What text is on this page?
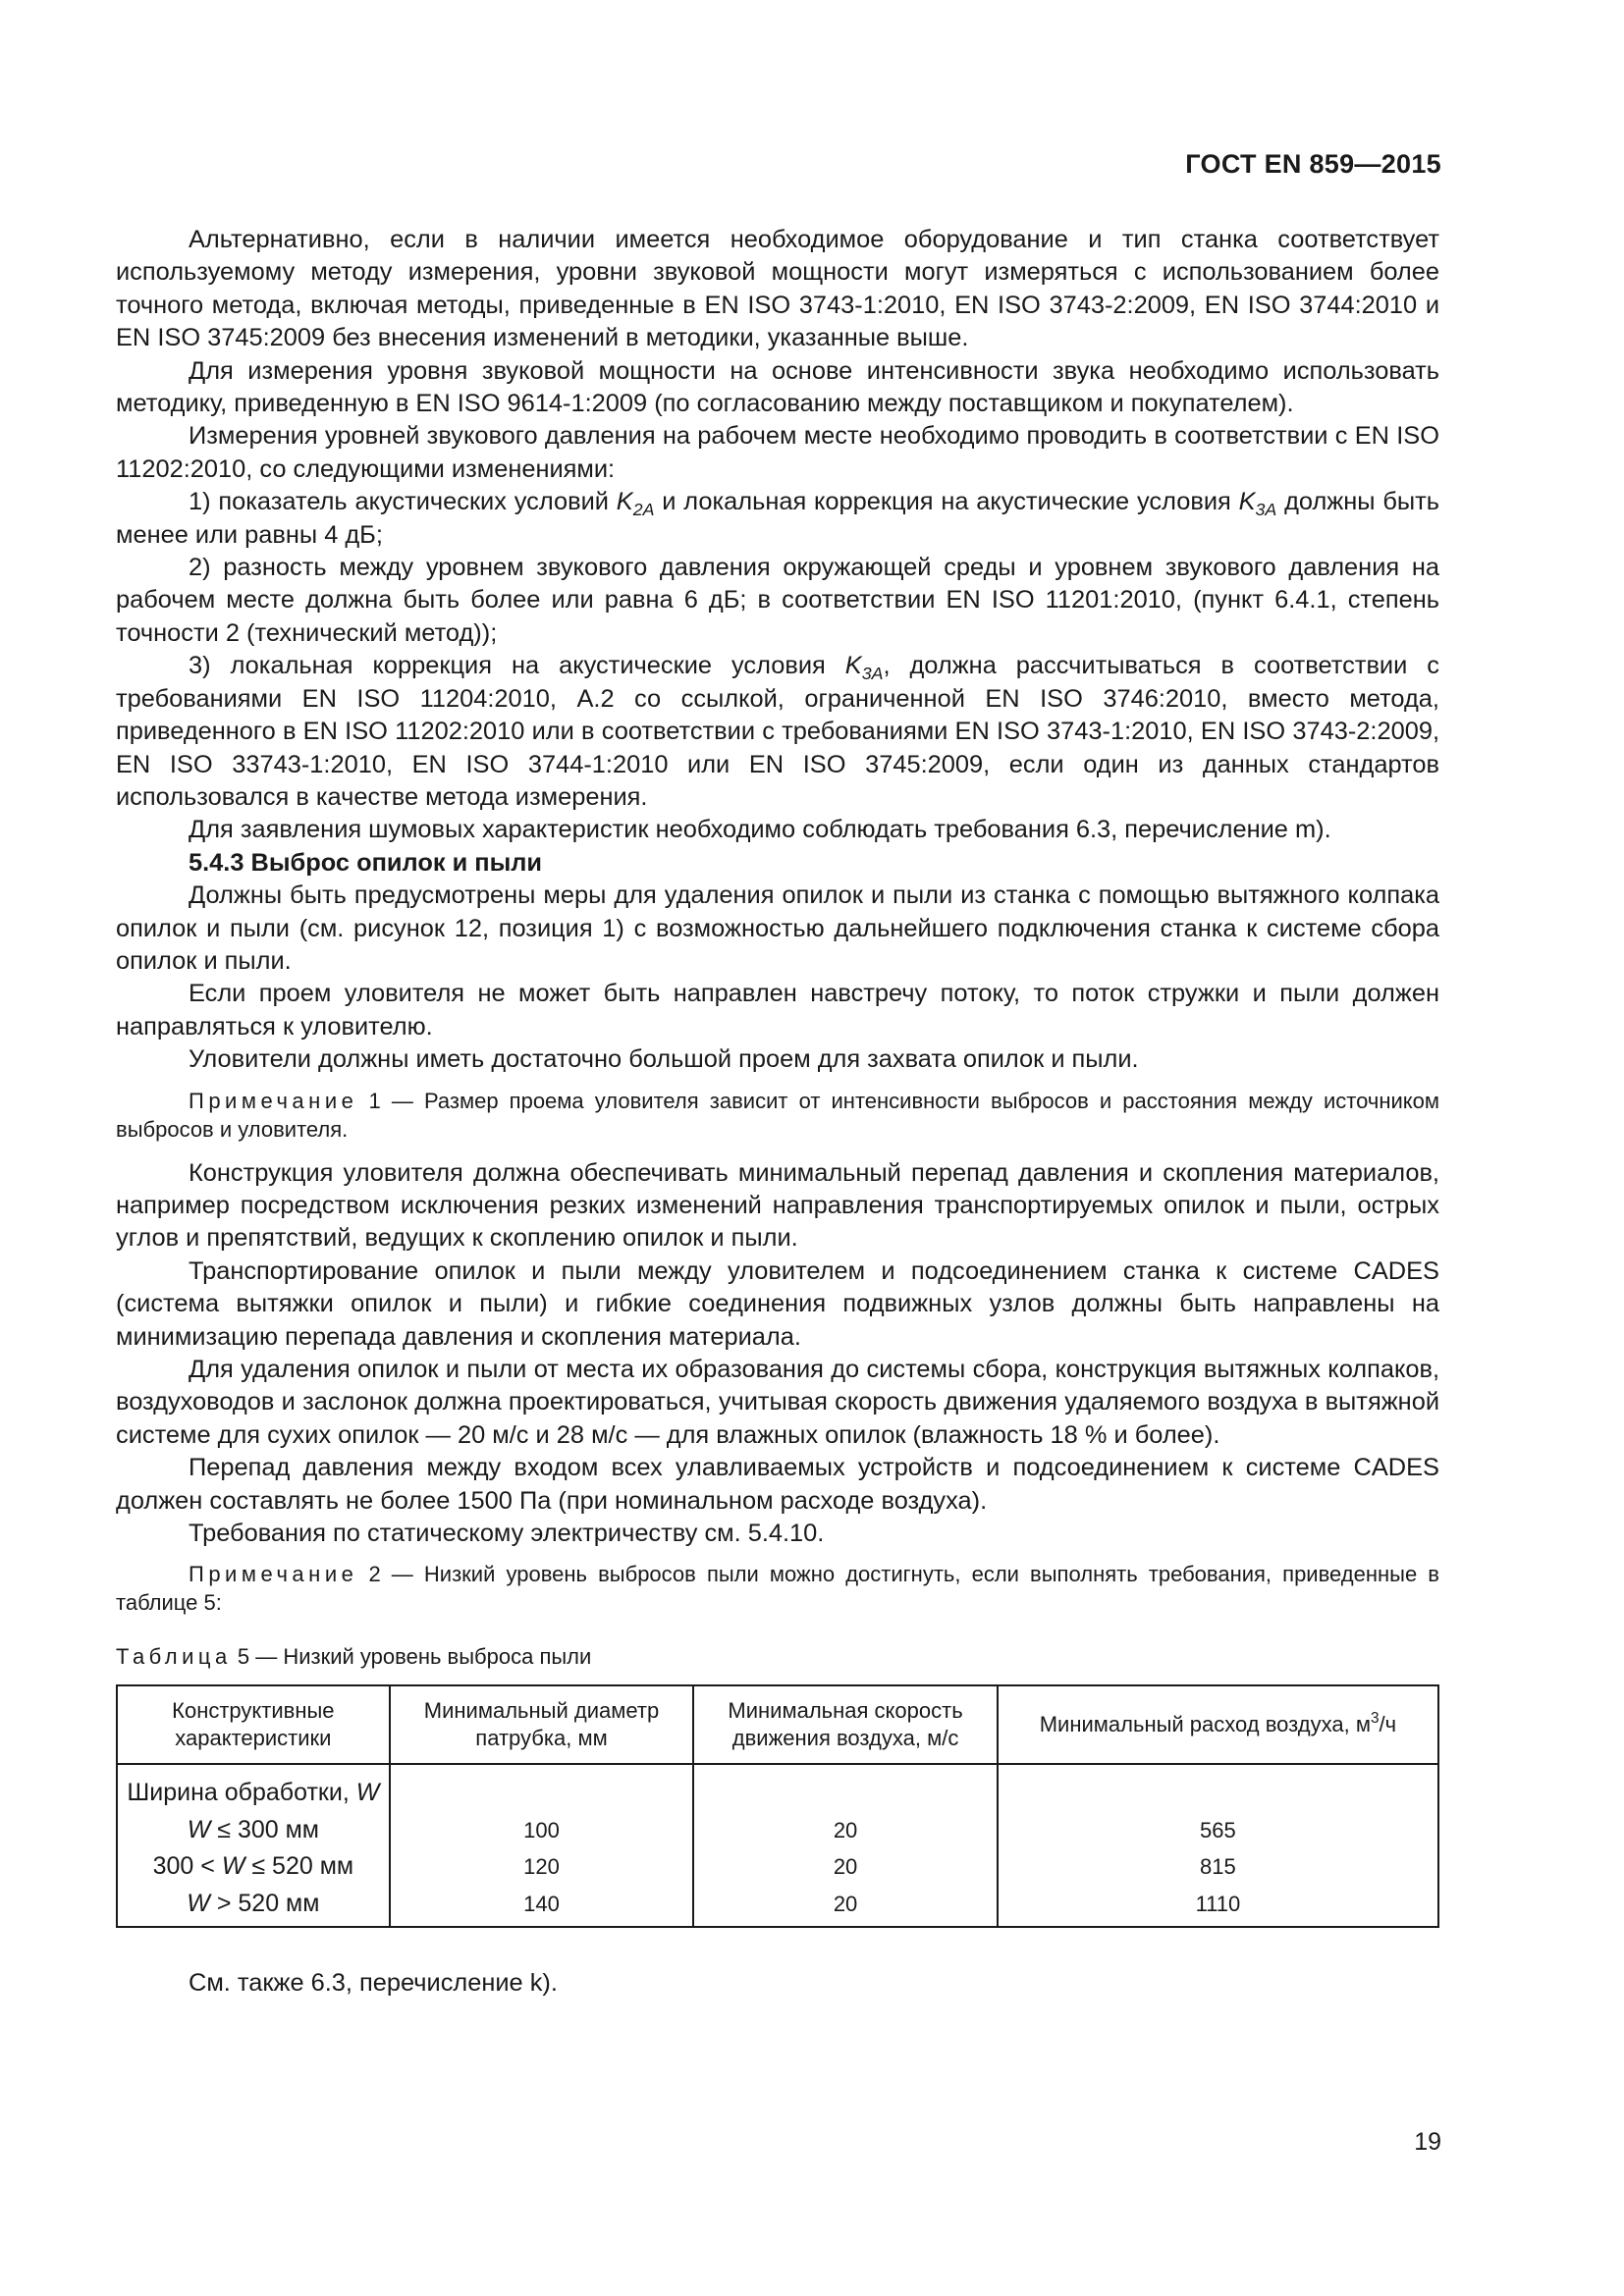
ГОСТ EN 859—2015

Альтернативно, если в наличии имеется необходимое оборудование и тип станка соответствует используемому методу измерения, уровни звуковой мощности могут измеряться с использованием более точного метода, включая методы, приведенные в EN ISO 3743-1:2010, EN ISO 3743-2:2009, EN ISO 3744:2010 и EN ISO 3745:2009 без внесения изменений в методики, указанные выше.

Для измерения уровня звуковой мощности на основе интенсивности звука необходимо использовать методику, приведенную в EN ISO 9614-1:2009 (по согласованию между поставщиком и покупателем).

Измерения уровней звукового давления на рабочем месте необходимо проводить в соответствии с EN ISO 11202:2010, со следующими изменениями:

1) показатель акустических условий $K_{2A}$ и локальная коррекция на акустические условия $K_{3A}$ должны быть менее или равны 4 дБ;

2) разность между уровнем звукового давления окружающей среды и уровнем звукового давления на рабочем месте должна быть более или равна 6 дБ; в соответствии EN ISO 11201:2010, (пункт 6.4.1, степень точности 2 (технический метод));

3) локальная коррекция на акустические условия $K_{3A}$, должна рассчитываться в соответствии с требованиями EN ISO 11204:2010, А.2 со ссылкой, ограниченной EN ISO 3746:2010, вместо метода, приведенного в EN ISO 11202:2010 или в соответствии с требованиями EN ISO 3743-1:2010, EN ISO 3743-2:2009, EN ISO 33743-1:2010, EN ISO 3744-1:2010 или EN ISO 3745:2009, если один из данных стандартов использовался в качестве метода измерения.

Для заявления шумовых характеристик необходимо соблюдать требования 6.3, перечисление m).

5.4.3 Выброс опилок и пыли

Должны быть предусмотрены меры для удаления опилок и пыли из станка с помощью вытяжного колпака опилок и пыли (см. рисунок 12, позиция 1) с возможностью дальнейшего подключения станка к системе сбора опилок и пыли.

Если проем уловителя не может быть направлен навстречу потоку, то поток стружки и пыли должен направляться к уловителю.

Уловители должны иметь достаточно большой проем для захвата опилок и пыли.

Примечание 1 — Размер проема уловителя зависит от интенсивности выбросов и расстояния между источником выбросов и уловителя.

Конструкция уловителя должна обеспечивать минимальный перепад давления и скопления материалов, например посредством исключения резких изменений направления транспортируемых опилок и пыли, острых углов и препятствий, ведущих к скоплению опилок и пыли.

Транспортирование опилок и пыли между уловителем и подсоединением станка к системе CADES (система вытяжки опилок и пыли) и гибкие соединения подвижных узлов должны быть направлены на минимизацию перепада давления и скопления материала.

Для удаления опилок и пыли от места их образования до системы сбора, конструкция вытяжных колпаков, воздуховодов и заслонок должна проектироваться, учитывая скорость движения удаляемого воздуха в вытяжной системе для сухих опилок — 20 м/с и 28 м/с — для влажных опилок (влажность 18 % и более).

Перепад давления между входом всех улавливаемых устройств и подсоединением к системе CADES должен составлять не более 1500 Па (при номинальном расходе воздуха).

Требования по статическому электричеству см. 5.4.10.

Примечание 2 — Низкий уровень выбросов пыли можно достигнуть, если выполнять требования, приведенные в таблице 5:

Таблица 5 — Низкий уровень выброса пыли
Конструктивные характеристики	Минимальный диаметр патрубка, мм	Минимальная скорость движения воздуха, м/с	Минимальный расход воздуха, $м^3/ч$
Ширина обработки, W			
W ≤ 300 мм	100	20	565
300 < W ≤ 520 мм	120	20	815
W > 520 мм	140	20	1110

См. также 6.3, перечисление k).

19
